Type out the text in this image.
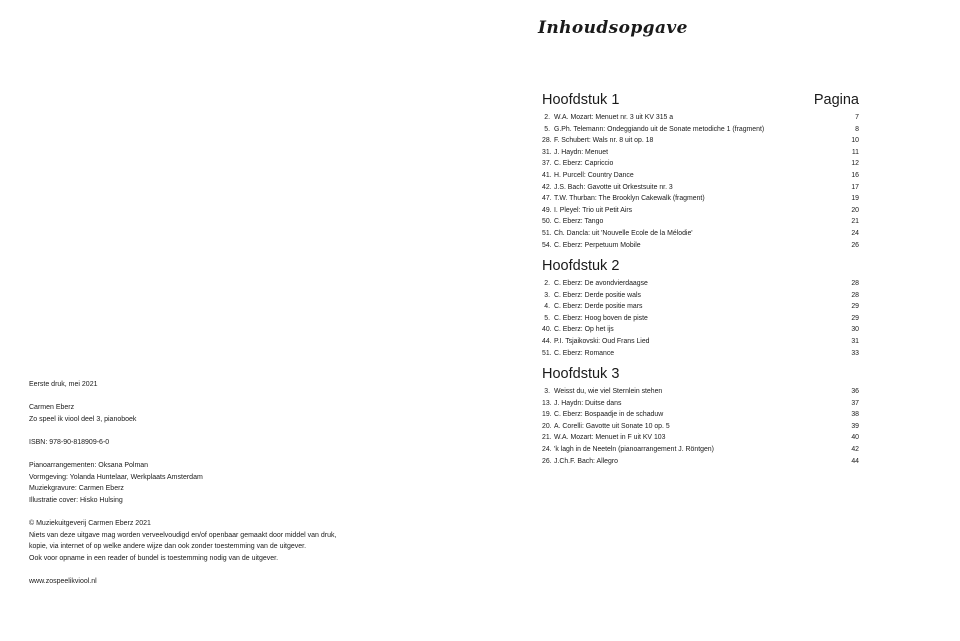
Eerste druk, mei 2021
Carmen Eberz
Zo speel ik viool deel 3, pianoboek
ISBN: 978-90-818909-6-0
Pianoarrangementen: Oksana Polman
Vormgeving: Yolanda Huntelaar, Werkplaats Amsterdam
Muziekgravure: Carmen Eberz
Illustratie cover: Hisko Hulsing
© Muziekuitgeverij Carmen Eberz 2021
Niets van deze uitgave mag worden verveelvoudigd en/of openbaar gemaakt door middel van druk,
kopie, via internet of op welke andere wijze dan ook zonder toestemming van de uitgever.
Ook voor opname in een reader of bundel is toestemming nodig van de uitgever.
www.zospeelikviool.nl
Inhoudsopgave
Hoofdstuk 1	Pagina
2. W.A. Mozart: Menuet nr. 3 uit KV 315 a	7
5. G.Ph. Telemann: Ondeggiando uit de Sonate metodiche 1 (fragment)	8
28. F. Schubert: Wals nr. 8 uit op. 18	10
31. J. Haydn: Menuet	11
37. C. Eberz: Capriccio	12
41. H. Purcell: Country Dance	16
42. J.S. Bach: Gavotte uit Orkestsuite nr. 3	17
47. T.W. Thurban: The Brooklyn Cakewalk (fragment)	19
49. I. Pleyel: Trio uit Petit Airs	20
50. C. Eberz: Tango	21
51. Ch. Dancla: uit 'Nouvelle Ecole de la Mélodie'	24
54. C. Eberz: Perpetuum Mobile	26
Hoofdstuk 2
2. C. Eberz: De avondvierdaagse	28
3. C. Eberz: Derde positie wals	28
4. C. Eberz: Derde positie mars	29
5. C. Eberz: Hoog boven de piste	29
40. C. Eberz: Op het ijs	30
44. P.I. Tsjaikovski: Oud Frans Lied	31
51. C. Eberz: Romance	33
Hoofdstuk 3
3. Weisst du, wie viel Sternlein stehen	36
13. J. Haydn: Duitse dans	37
19. C. Eberz: Bospaadje in de schaduw	38
20. A. Corelli: Gavotte uit Sonate 10 op. 5	39
21. W.A. Mozart: Menuet in F uit KV 103	40
24. 'k lagh in de Neeteln (pianoarrangement J. Röntgen)	42
26. J.Ch.F. Bach: Allegro	44
